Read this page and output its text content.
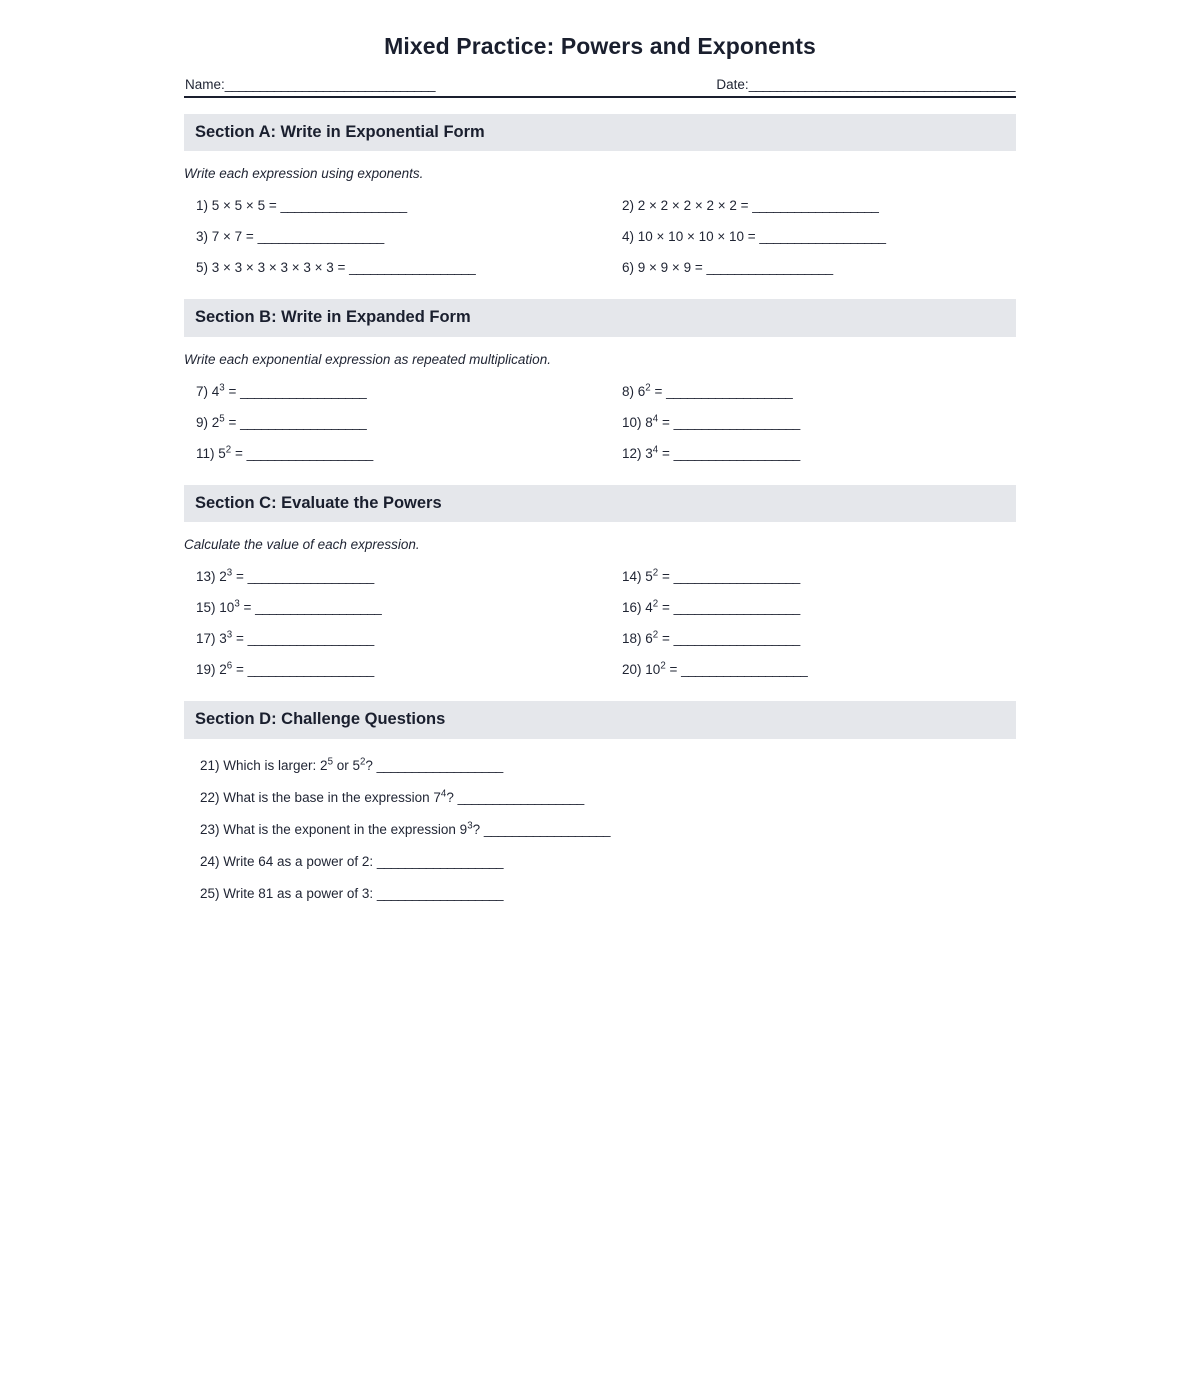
Mixed Practice: Powers and Exponents
Name:______________________________	Date:______________________________________
Section A: Write in Exponential Form

Write each expression using exponents.

1) 5 × 5 × 5 = __________________	2) 2 × 2 × 2 × 2 × 2 = __________________
3) 7 × 7 = __________________	4) 10 × 10 × 10 × 10 = __________________
5) 3 × 3 × 3 × 3 × 3 × 3 = __________________	6) 9 × 9 × 9 = __________________
Section B: Write in Expanded Form

Write each exponential expression as repeated multiplication.

7) $4^3$ = __________________	8) $6^2$ = __________________
9) $2^5$ = __________________	10) $8^4$ = __________________
11) $5^2$ = __________________	12) $3^4$ = __________________
Section C: Evaluate the Powers

Calculate the value of each expression.

13) $2^3$ = __________________	14) $5^2$ = __________________
15) $10^3$ = __________________	16) $4^2$ = __________________
17) $3^3$ = __________________	18) $6^2$ = __________________
19) $2^6$ = __________________	20) $10^2$ = __________________
Section D: Challenge Questions
21) Which is larger: $2^5$ or $5^2$? __________________
22) What is the base in the expression $7^4$? __________________
23) What is the exponent in the expression $9^3$? __________________
24) Write 64 as a power of 2: __________________
25) Write 81 as a power of 3: __________________
